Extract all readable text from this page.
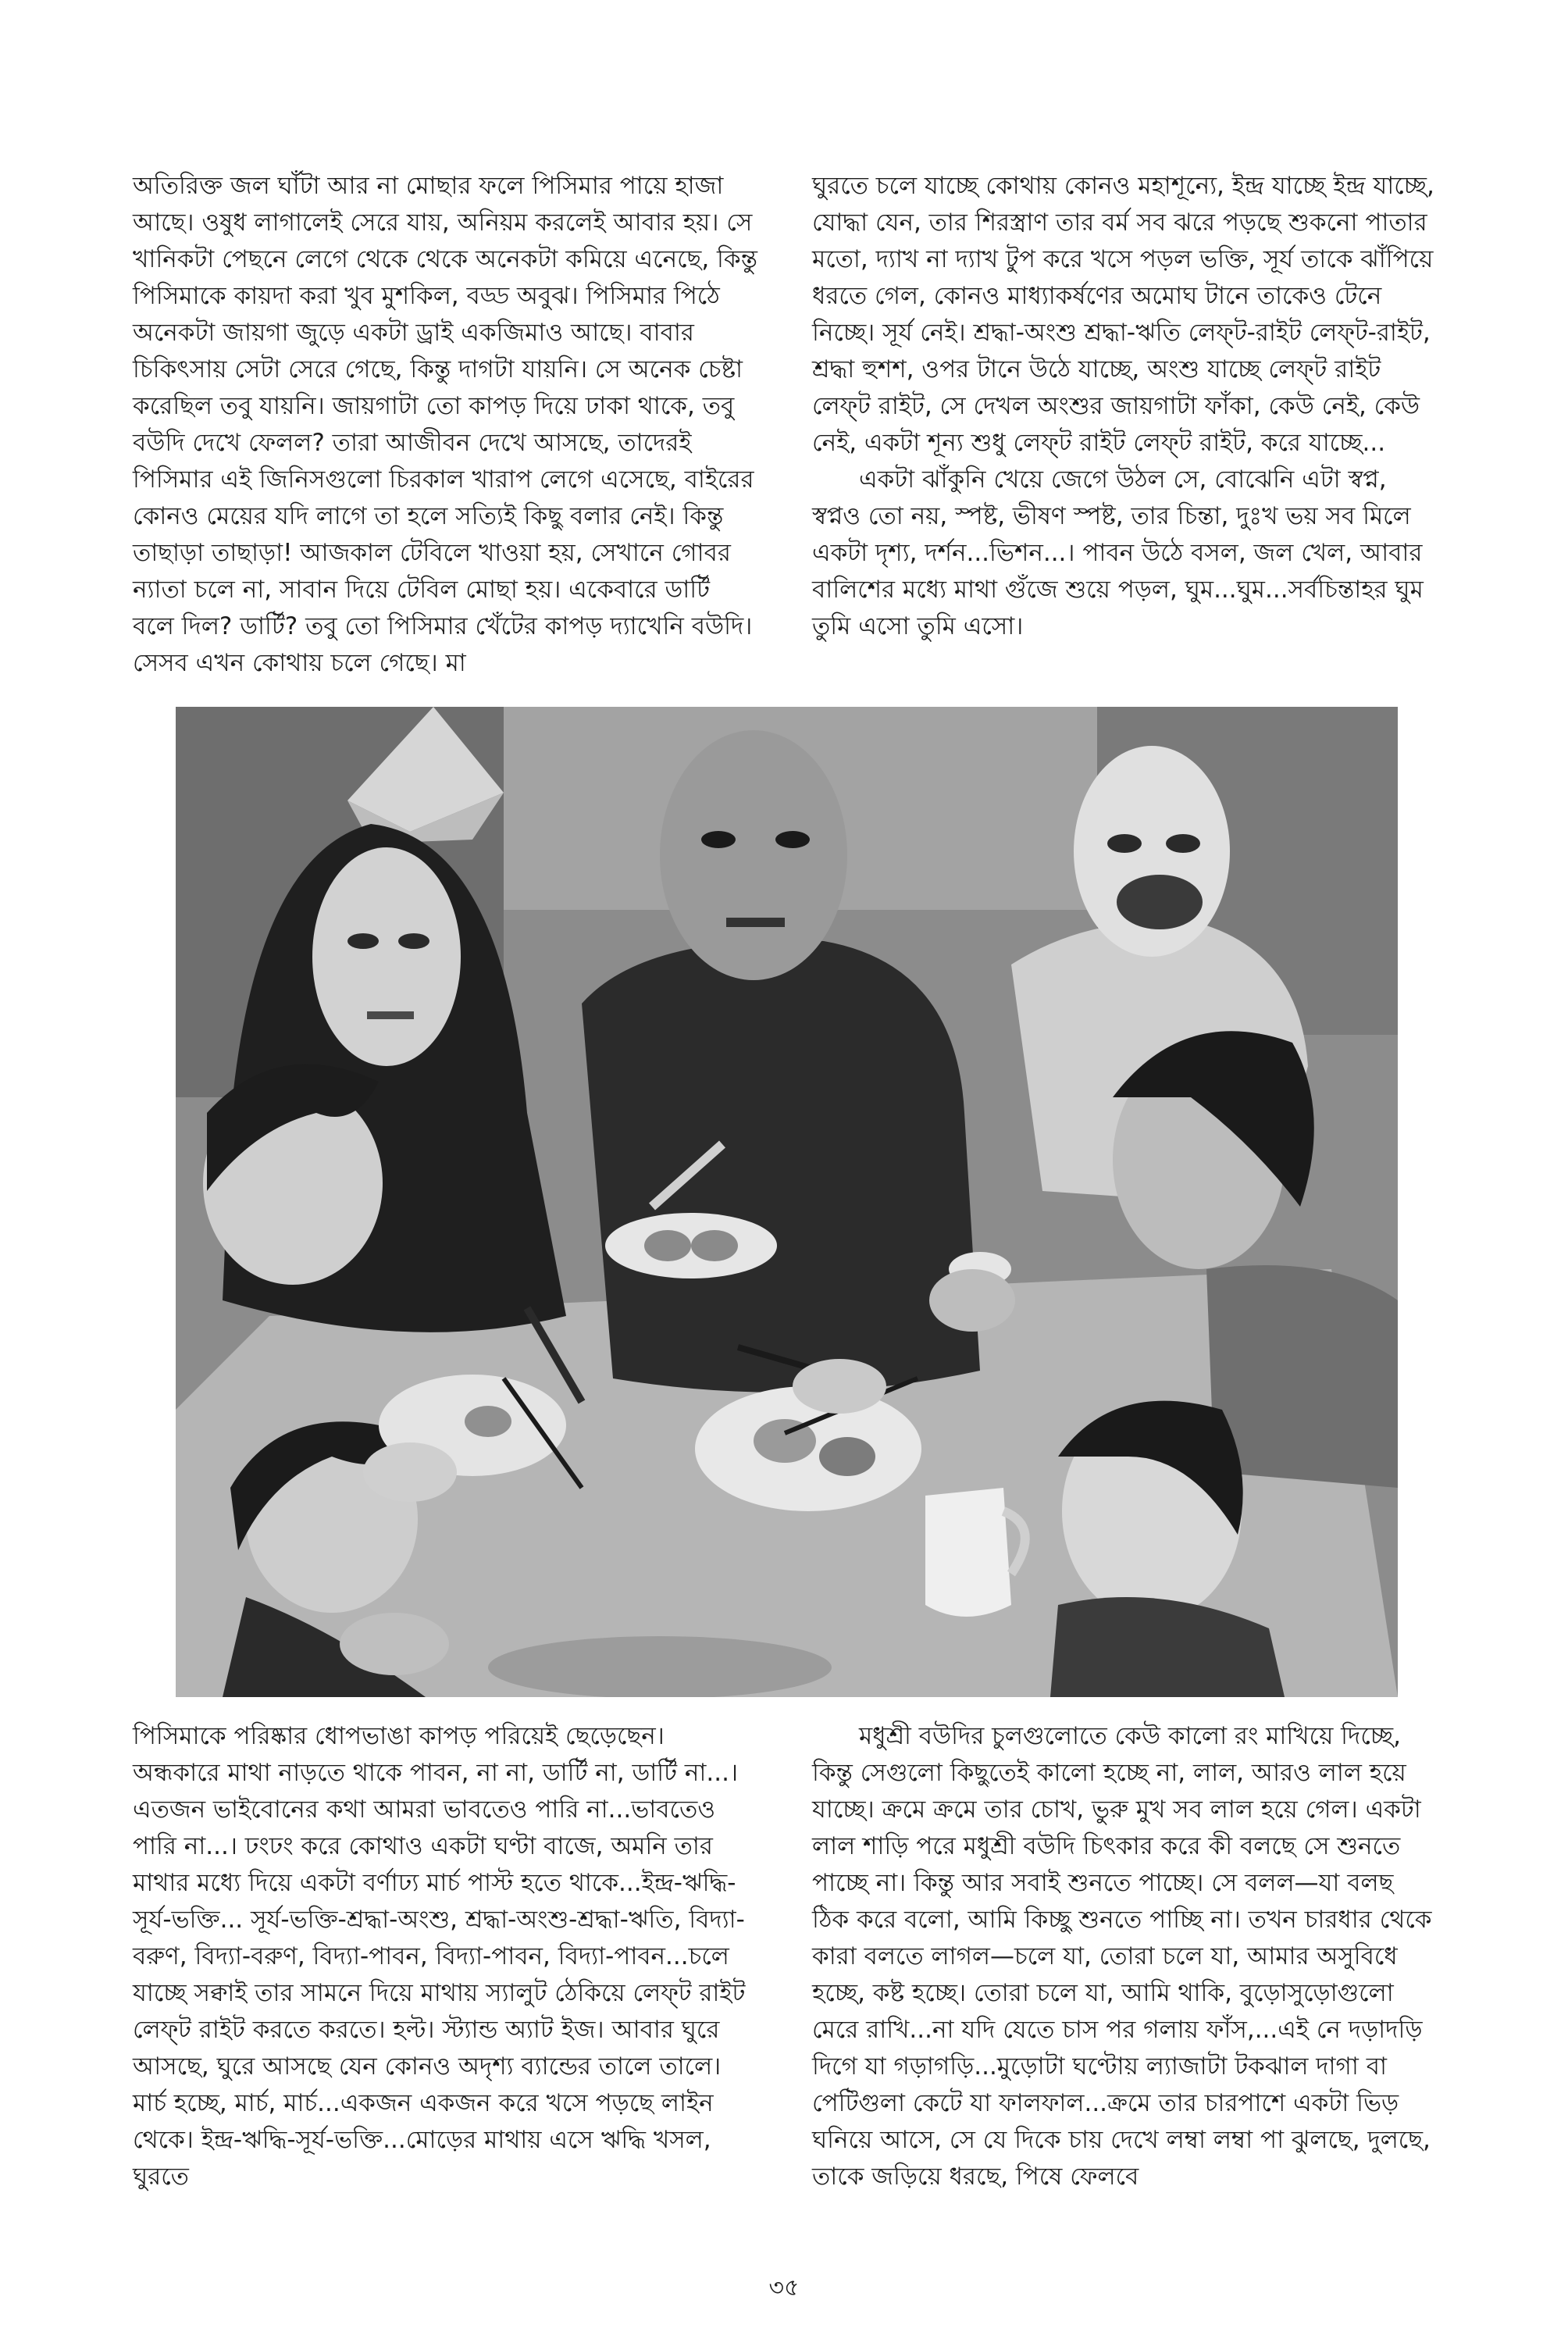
অতিরিক্ত জল ঘাঁটা আর না মোছার ফলে পিসিমার পায়ে হাজা আছে। ওষুধ লাগালেই সেরে যায়, অনিয়ম করলেই আবার হয়। সে খানিকটা পেছনে লেগে থেকে থেকে অনেকটা কমিয়ে এনেছে, কিন্তু পিসিমাকে কায়দা করা খুব মুশকিল, বড্ড অবুঝ। পিসিমার পিঠে অনেকটা জায়গা জুড়ে একটা ড্রাই একজিমাও আছে। বাবার চিকিৎসায় সেটা সেরে গেছে, কিন্তু দাগটা যায়নি। সে অনেক চেষ্টা করেছিল তবু যায়নি। জায়গাটা তো কাপড় দিয়ে ঢাকা থাকে, তবু বউদি দেখে ফেলল? তারা আজীবন দেখে আসছে, তাদেরই পিসিমার এই জিনিসগুলো চিরকাল খারাপ লেগে এসেছে, বাইরের কোনও মেয়ের যদি লাগে তা হলে সত্যিই কিছু বলার নেই। কিন্তু তাছাড়া তাছাড়া! আজকাল টেবিলে খাওয়া হয়, সেখানে গোবর ন্যাতা চলে না, সাবান দিয়ে টেবিল মোছা হয়। একেবারে ডার্টি বলে দিল? ডার্টি? তবু তো পিসিমার খেঁটের কাপড় দ্যাখেনি বউদি। সেসব এখন কোথায় চলে গেছে। মা

ঘুরতে চলে যাচ্ছে কোথায় কোনও মহাশূন্যে, ইন্দ্র যাচ্ছে ইন্দ্র যাচ্ছে, যোদ্ধা যেন, তার শিরস্ত্রাণ তার বর্ম সব ঝরে পড়ছে শুকনো পাতার মতো, দ্যাখ না দ্যাখ টুপ করে খসে পড়ল ভক্তি, সূর্য তাকে ঝাঁপিয়ে ধরতে গেল, কোনও মাধ্যাকর্ষণের অমোঘ টানে তাকেও টেনে নিচ্ছে। সূর্য নেই। শ্রদ্ধা-অংশু শ্রদ্ধা-ঋতি লেফ্‌ট-রাইট লেফ্‌ট-রাইট, শ্রদ্ধা হুশশ, ওপর টানে উঠে যাচ্ছে, অংশু যাচ্ছে লেফ্‌ট রাইট লেফ্‌ট রাইট, সে দেখল অংশুর জায়গাটা ফাঁকা, কেউ নেই, কেউ নেই, একটা শূন্য শুধু লেফ্‌ট রাইট লেফ্‌ট রাইট, করে যাচ্ছে...

একটা ঝাঁকুনি খেয়ে জেগে উঠল সে, বোঝেনি এটা স্বপ্ন, স্বপ্নও তো নয়, স্পষ্ট, ভীষণ স্পষ্ট, তার চিন্তা, দুঃখ ভয় সব মিলে একটা দৃশ্য, দর্শন...ভিশন...। পাবন উঠে বসল, জল খেল, আবার বালিশের মধ্যে মাথা গুঁজে শুয়ে পড়ল, ঘুম...ঘুম...সর্বচিন্তাহর ঘুম তুমি এসো তুমি এসো।

পিসিমাকে পরিষ্কার ধোপভাঙা কাপড় পরিয়েই ছেড়েছেন। অন্ধকারে মাথা নাড়তে থাকে পাবন, না না, ডার্টি না, ডার্টি না...। এতজন ভাইবোনের কথা আমরা ভাবতেও পারি না...ভাবতেও পারি না...। ঢংঢং করে কোথাও একটা ঘণ্টা বাজে, অমনি তার মাথার মধ্যে দিয়ে একটা বর্ণাঢ্য মার্চ পাস্ট হতে থাকে...ইন্দ্র-ঋদ্ধি-সূর্য-ভক্তি... সূর্য-ভক্তি-শ্রদ্ধা-অংশু, শ্রদ্ধা-অংশু-শ্রদ্ধা-ঋতি, বিদ্যা-বরুণ, বিদ্যা-বরুণ, বিদ্যা-পাবন, বিদ্যা-পাবন, বিদ্যা-পাবন...চলে যাচ্ছে সক্বাই তার সামনে দিয়ে মাথায় স্যালুট ঠেকিয়ে লেফ্‌ট রাইট লেফ্‌ট রাইট করতে করতে। হল্ট। স্ট্যান্ড অ্যাট ইজ। আবার ঘুরে আসছে, ঘুরে আসছে যেন কোনও অদৃশ্য ব্যান্ডের তালে তালে। মার্চ হচ্ছে, মার্চ, মার্চ...একজন একজন করে খসে পড়ছে লাইন থেকে। ইন্দ্র-ঋদ্ধি-সূর্য-ভক্তি...মোড়ের মাথায় এসে ঋদ্ধি খসল, ঘুরতে

মধুশ্রী বউদির চুলগুলোতে কেউ কালো রং মাখিয়ে দিচ্ছে, কিন্তু সেগুলো কিছুতেই কালো হচ্ছে না, লাল, আরও লাল হয়ে যাচ্ছে। ক্রমে ক্রমে তার চোখ, ভুরু মুখ সব লাল হয়ে গেল। একটা লাল শাড়ি পরে মধুশ্রী বউদি চিৎকার করে কী বলছে সে শুনতে পাচ্ছে না। কিন্তু আর সবাই শুনতে পাচ্ছে। সে বলল—যা বলছ ঠিক করে বলো, আমি কিচ্ছু শুনতে পাচ্ছি না। তখন চারধার থেকে কারা বলতে লাগল—চলে যা, তোরা চলে যা, আমার অসুবিধে হচ্ছে, কষ্ট হচ্ছে। তোরা চলে যা, আমি থাকি, বুড়োসুড়োগুলো মেরে রাখি...না যদি যেতে চাস পর গলায় ফাঁস,...এই নে দড়াদড়ি দিগে যা গড়াগড়ি...মুড়োটা ঘণ্টোয় ল্যাজাটা টকঝাল দাগা বা পেটিগুলা কেটে যা ফালফাল...ক্রমে তার চারপাশে একটা ভিড় ঘনিয়ে আসে, সে যে দিকে চায় দেখে লম্বা লম্বা পা ঝুলছে, দুলছে, তাকে জড়িয়ে ধরছে, পিষে ফেলবে

৩৫
